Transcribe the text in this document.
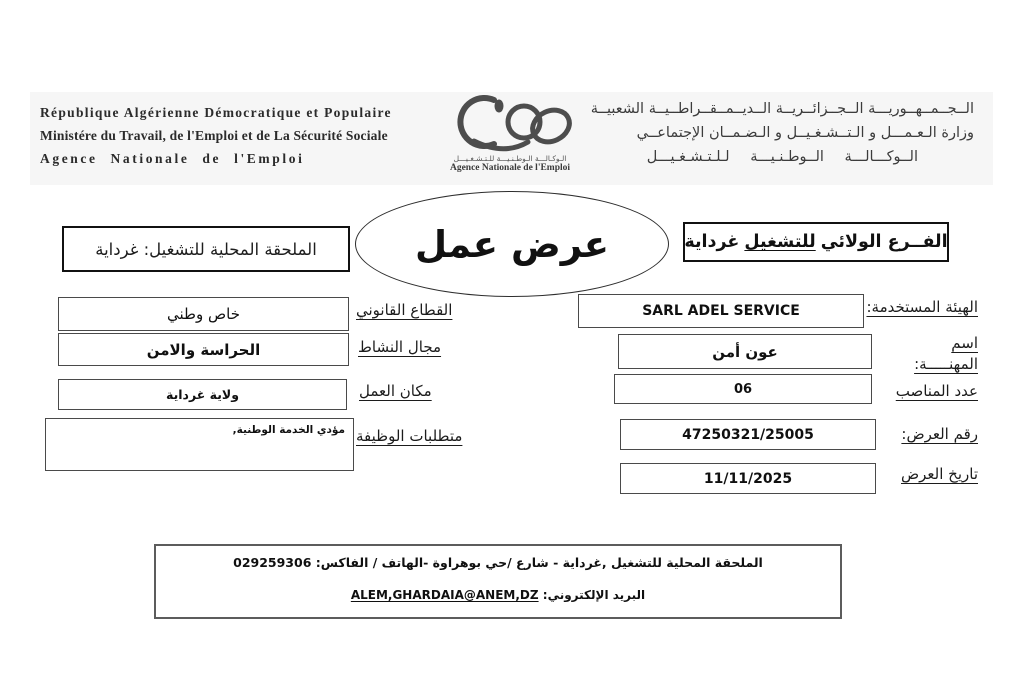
République Algérienne Démocratique et Populaire
Ministére du Travail, de l'Emploi et de La Sécurité Sociale
Agence Nationale de l'Emploi	الـوكـالـــة الـوطـنـيـــة للـتـشـغـيـــل
Agence Nationale de l'Emploi
الــجــمــهــوريـــة الــجــزائــريــة الــديــمــقــراطــيــة الشعبيــة
وزارة الـعـمـــل و الـتــشـغـيــل و الـضـمــان الإجتماعــي
الــوكـــالـــة الــوطـنـيـــة لـلـتـشـغـيـــل
عرض عمل	الفــرع الولائي
للتشغيل
غرداية
الملحقة المحلية للتشغيل: غرداية
الهيئة المستخدمة:
SARL ADEL SERVICE
اسم المهنـــــة:
عون أمن
عدد المناصب
06
رقم العرض:
47250321/25005
تاريخ العرض
11/11/2025
القطاع القانوني
خاص وطني
مجال النشاط
الحراسة والامن
مكان العمل
ولاية غرداية
متطلبات الوظيفة
مؤدي الخدمة الوطنية,
الملحقة المحلية للتشغيل ,غرداية - شارع /حي بوهراوة -الهاتف / الفاكس: 029259306
البريد الإلكتروني: ALEM,GHARDAIA@ANEM,DZ
